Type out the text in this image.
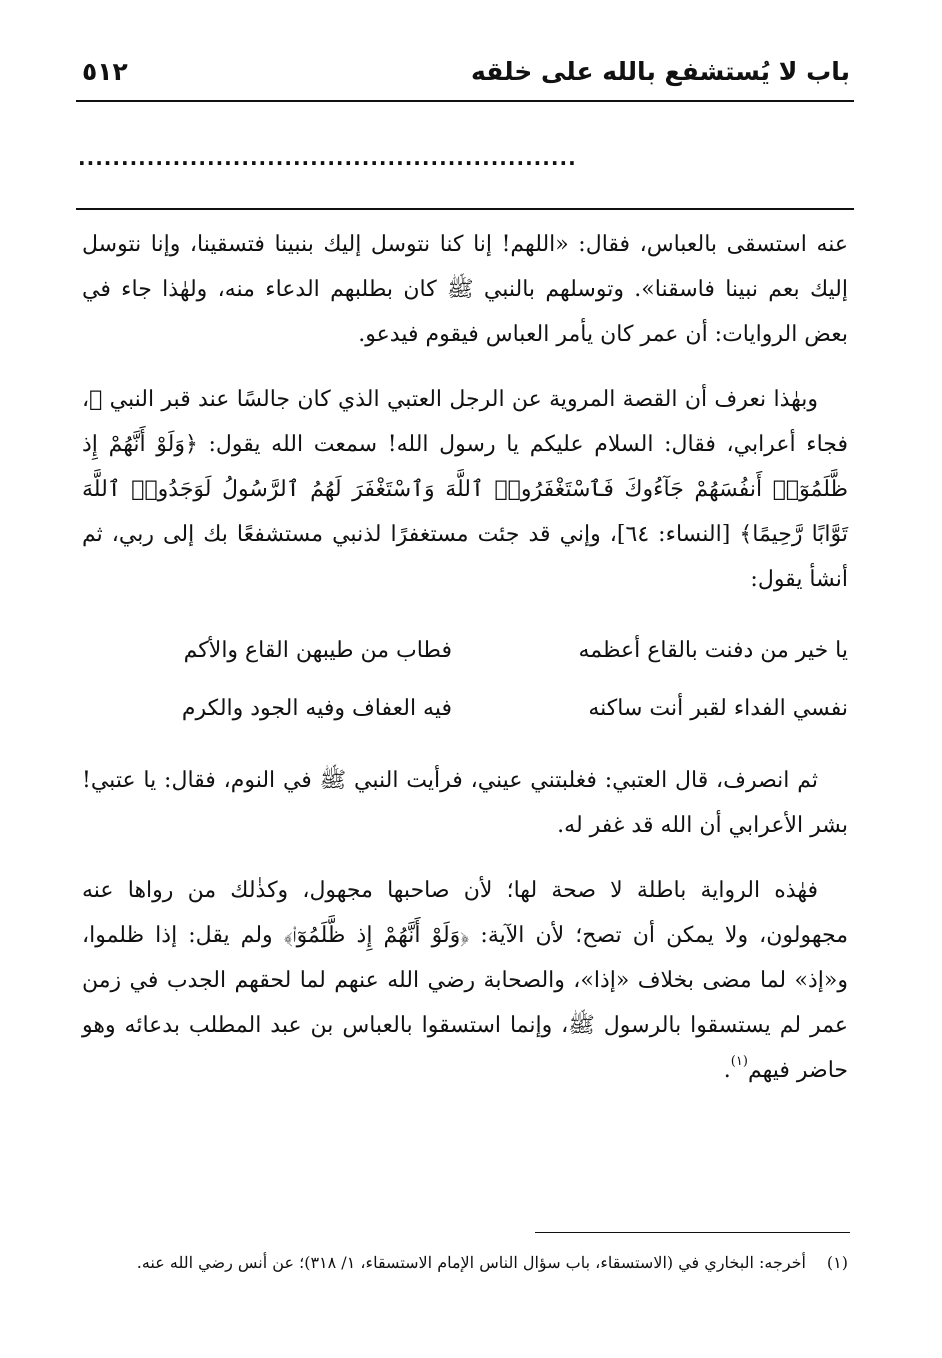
باب لا يُستشفع بالله على خلقه
٥١٢
..........................................................

عنه استسقى بالعباس، فقال: «اللهم! إنا كنا نتوسل إليك بنبينا فتسقينا، وإنا نتوسل إليك بعم نبينا فاسقنا». وتوسلهم بالنبي ﷺ كان بطلبهم الدعاء منه، ولهٰذا جاء في بعض الروايات: أن عمر كان يأمر العباس فيقوم فيدعو.

وبهٰذا نعرف أن القصة المروية عن الرجل العتبي الذي كان جالسًا عند قبر النبي ﷺ، فجاء أعرابي، فقال: السلام عليكم يا رسول الله! سمعت الله يقول: ﴿وَلَوْ أَنَّهُمْ إِذ ظَّلَمُوٓا۟ أَنفُسَهُمْ جَآءُوكَ فَٱسْتَغْفَرُوا۟ ٱللَّهَ وَٱسْتَغْفَرَ لَهُمُ ٱلرَّسُولُ لَوَجَدُوا۟ ٱللَّهَ تَوَّابًا رَّحِيمًا﴾ [النساء: ٦٤]، وإني قد جئت مستغفرًا لذنبي مستشفعًا بك إلى ربي، ثم أنشأ يقول:

يا خير من دفنت بالقاع أعظمه
فطاب من طيبهن القاع والأكم
نفسي الفداء لقبر أنت ساكنه
فيه العفاف وفيه الجود والكرم

ثم انصرف، قال العتبي: فغلبتني عيني، فرأيت النبي ﷺ في النوم، فقال: يا عتبي! بشر الأعرابي أن الله قد غفر له.

فهٰذه الرواية باطلة لا صحة لها؛ لأن صاحبها مجهول، وكذٰلك من رواها عنه مجهولون، ولا يمكن أن تصح؛ لأن الآية: ﴿وَلَوْ أَنَّهُمْ إِذ ظَّلَمُوٓا۟﴾ ولم يقل: إذا ظلموا، و«إذ» لما مضى بخلاف «إذا»، والصحابة رضي الله عنهم لما لحقهم الجدب في زمن عمر لم يستسقوا بالرسول ﷺ، وإنما استسقوا بالعباس بن عبد المطلب بدعائه وهو حاضر فيهم$^{(١)}$.

(١)
أخرجه: البخاري في (الاستسقاء، باب سؤال الناس الإمام الاستسقاء، ١/ ٣١٨)؛ عن أنس رضي الله عنه.
